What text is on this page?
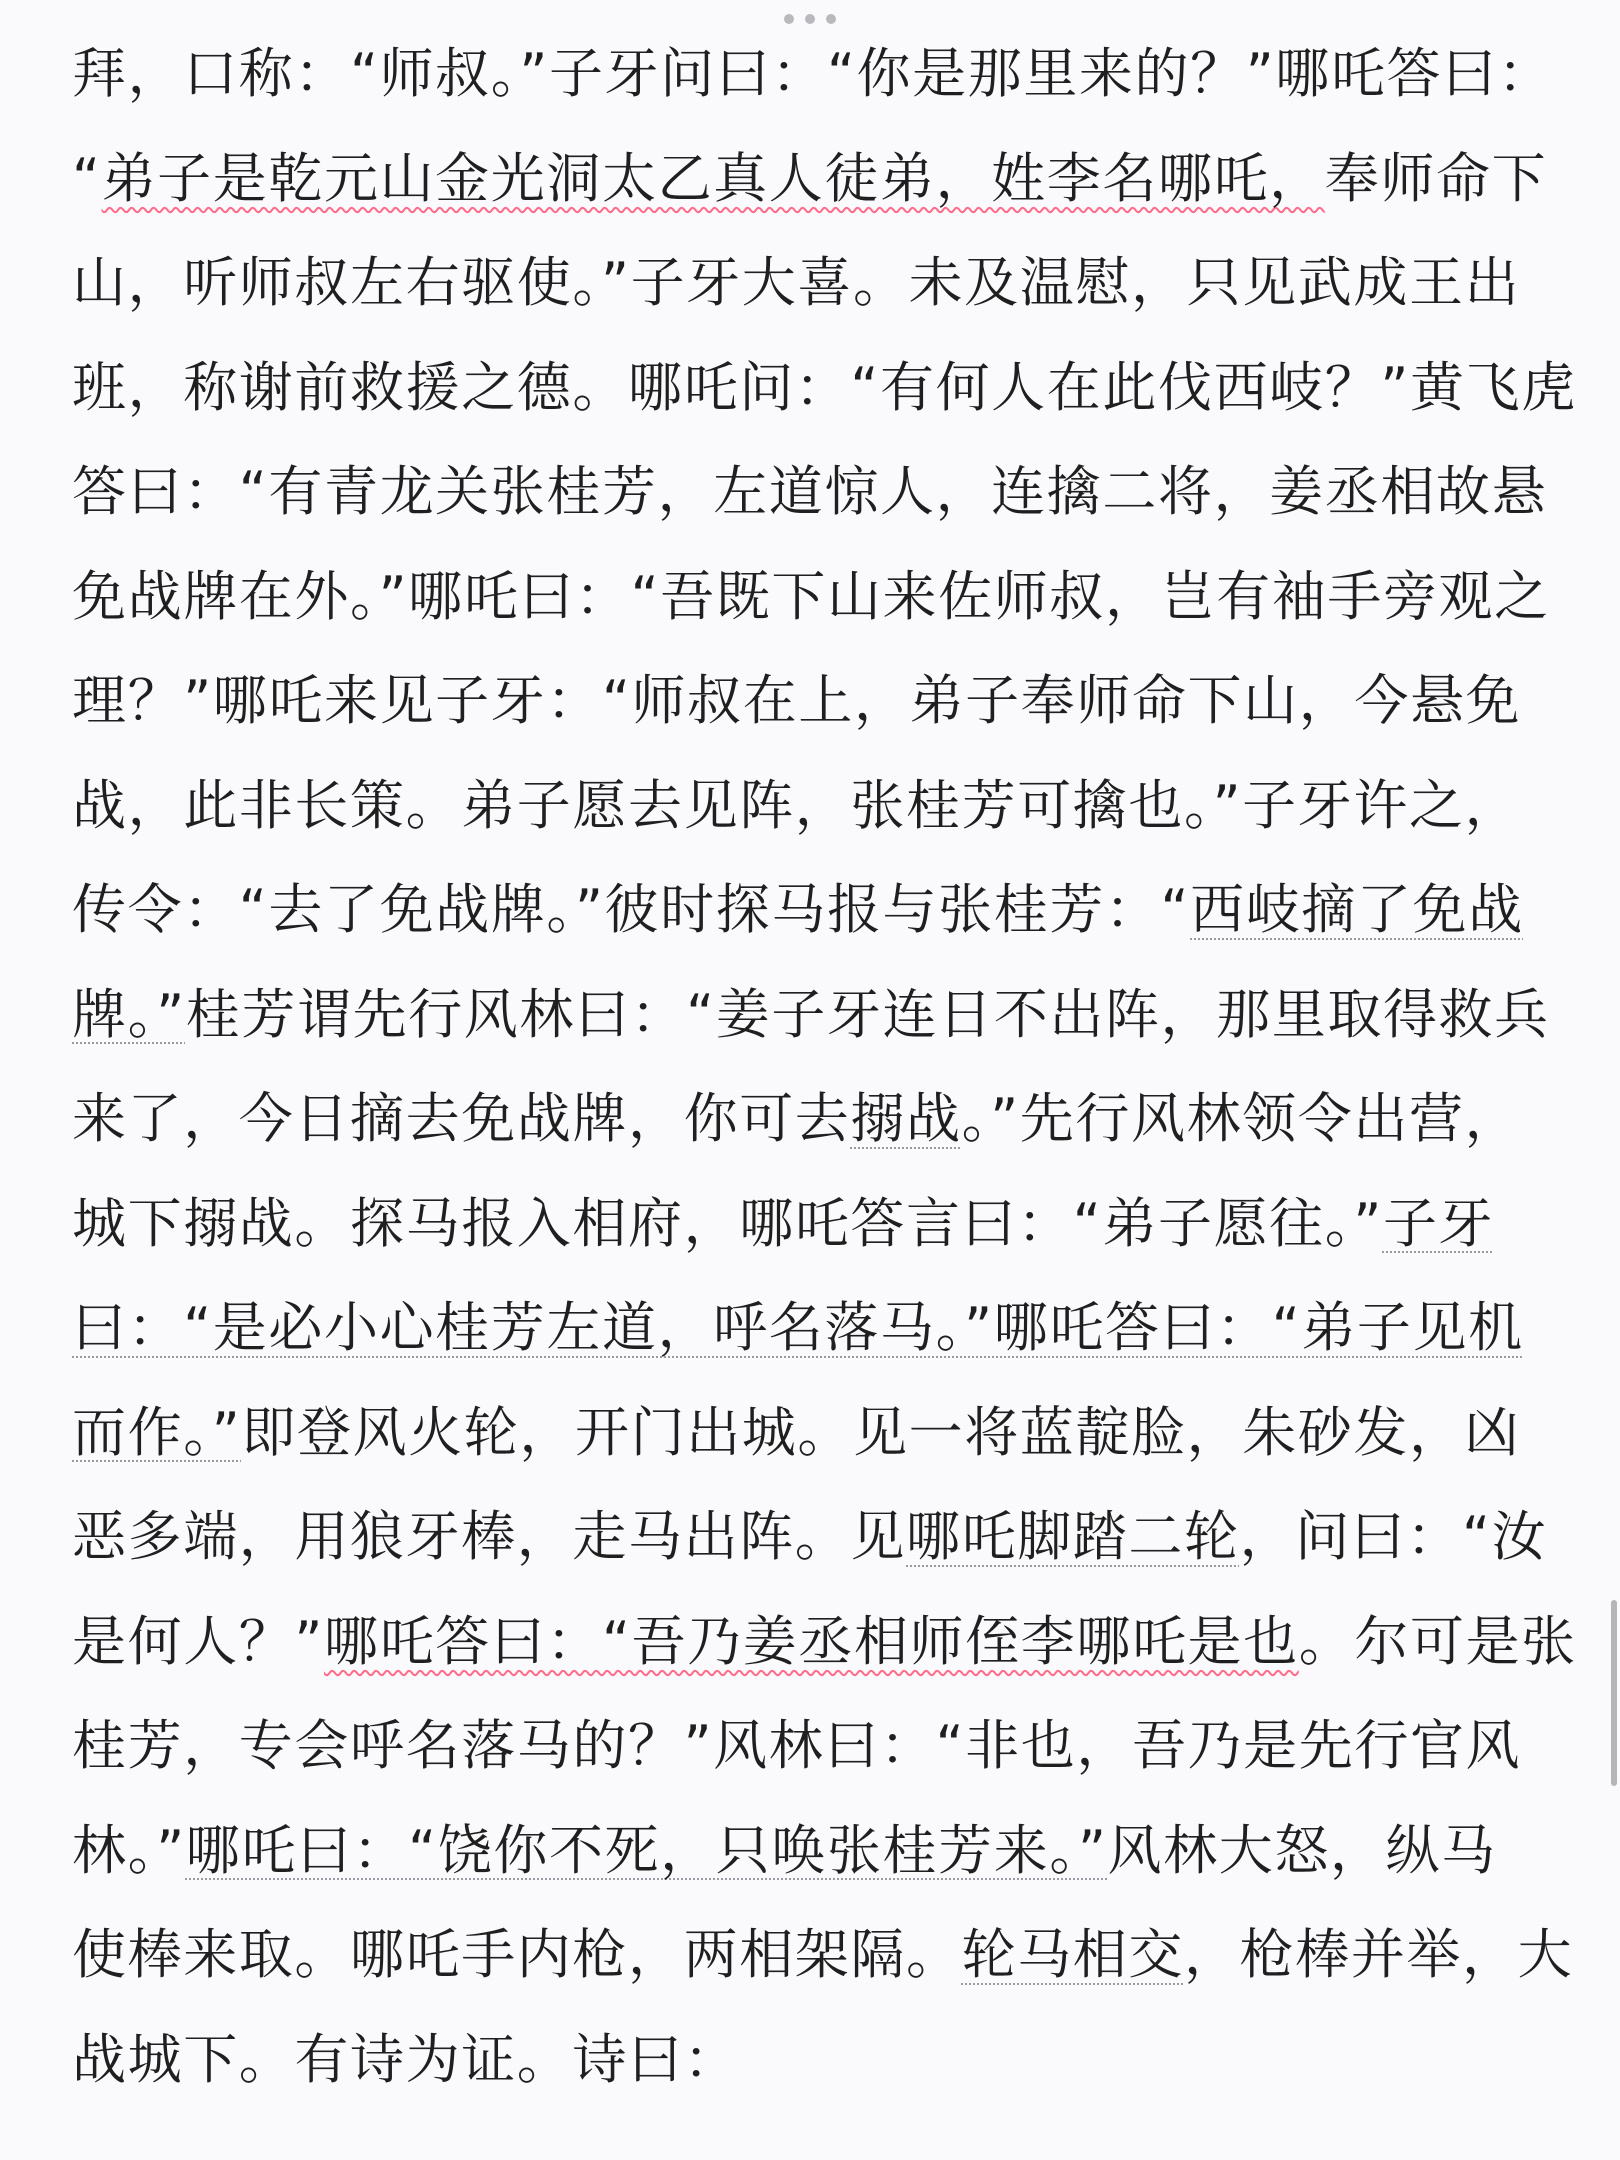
拜，口称：“师叔。”子牙问曰：“你是那里来的？”哪吒答曰：
“弟子是乾元山金光洞太乙真人徒弟，姓李名哪吒，奉师命下
山，听师叔左右驱使。”子牙大喜。未及温慰，只见武成王出
班，称谢前救援之德。哪吒问：“有何人在此伐西岐？”黄飞虎
答曰：“有青龙关张桂芳，左道惊人，连擒二将，姜丞相故悬
免战牌在外。”哪吒曰：“吾既下山来佐师叔，岂有袖手旁观之
理？”哪吒来见子牙：“师叔在上，弟子奉师命下山，今悬免
战，此非长策。弟子愿去见阵，张桂芳可擒也。”子牙许之，
传令：“去了免战牌。”彼时探马报与张桂芳：“西岐摘了免战
牌。”桂芳谓先行风林曰：“姜子牙连日不出阵，那里取得救兵
来了，今日摘去免战牌，你可去搦战。”先行风林领令出营，
城下搦战。探马报入相府，哪吒答言曰：“弟子愿往。”子牙
曰：“是必小心桂芳左道，呼名落马。”哪吒答曰：“弟子见机
而作。”即登风火轮，开门出城。见一将蓝靛脸，朱砂发，凶
恶多端，用狼牙棒，走马出阵。见哪吒脚踏二轮，问曰：“汝
是何人？”哪吒答曰：“吾乃姜丞相师侄李哪吒是也。尔可是张
桂芳，专会呼名落马的？”风林曰：“非也，吾乃是先行官风
林。”哪吒曰：“饶你不死，只唤张桂芳来。”风林大怒，纵马
使棒来取。哪吒手内枪，两相架隔。轮马相交，枪棒并举，大
战城下。有诗为证。诗曰：
